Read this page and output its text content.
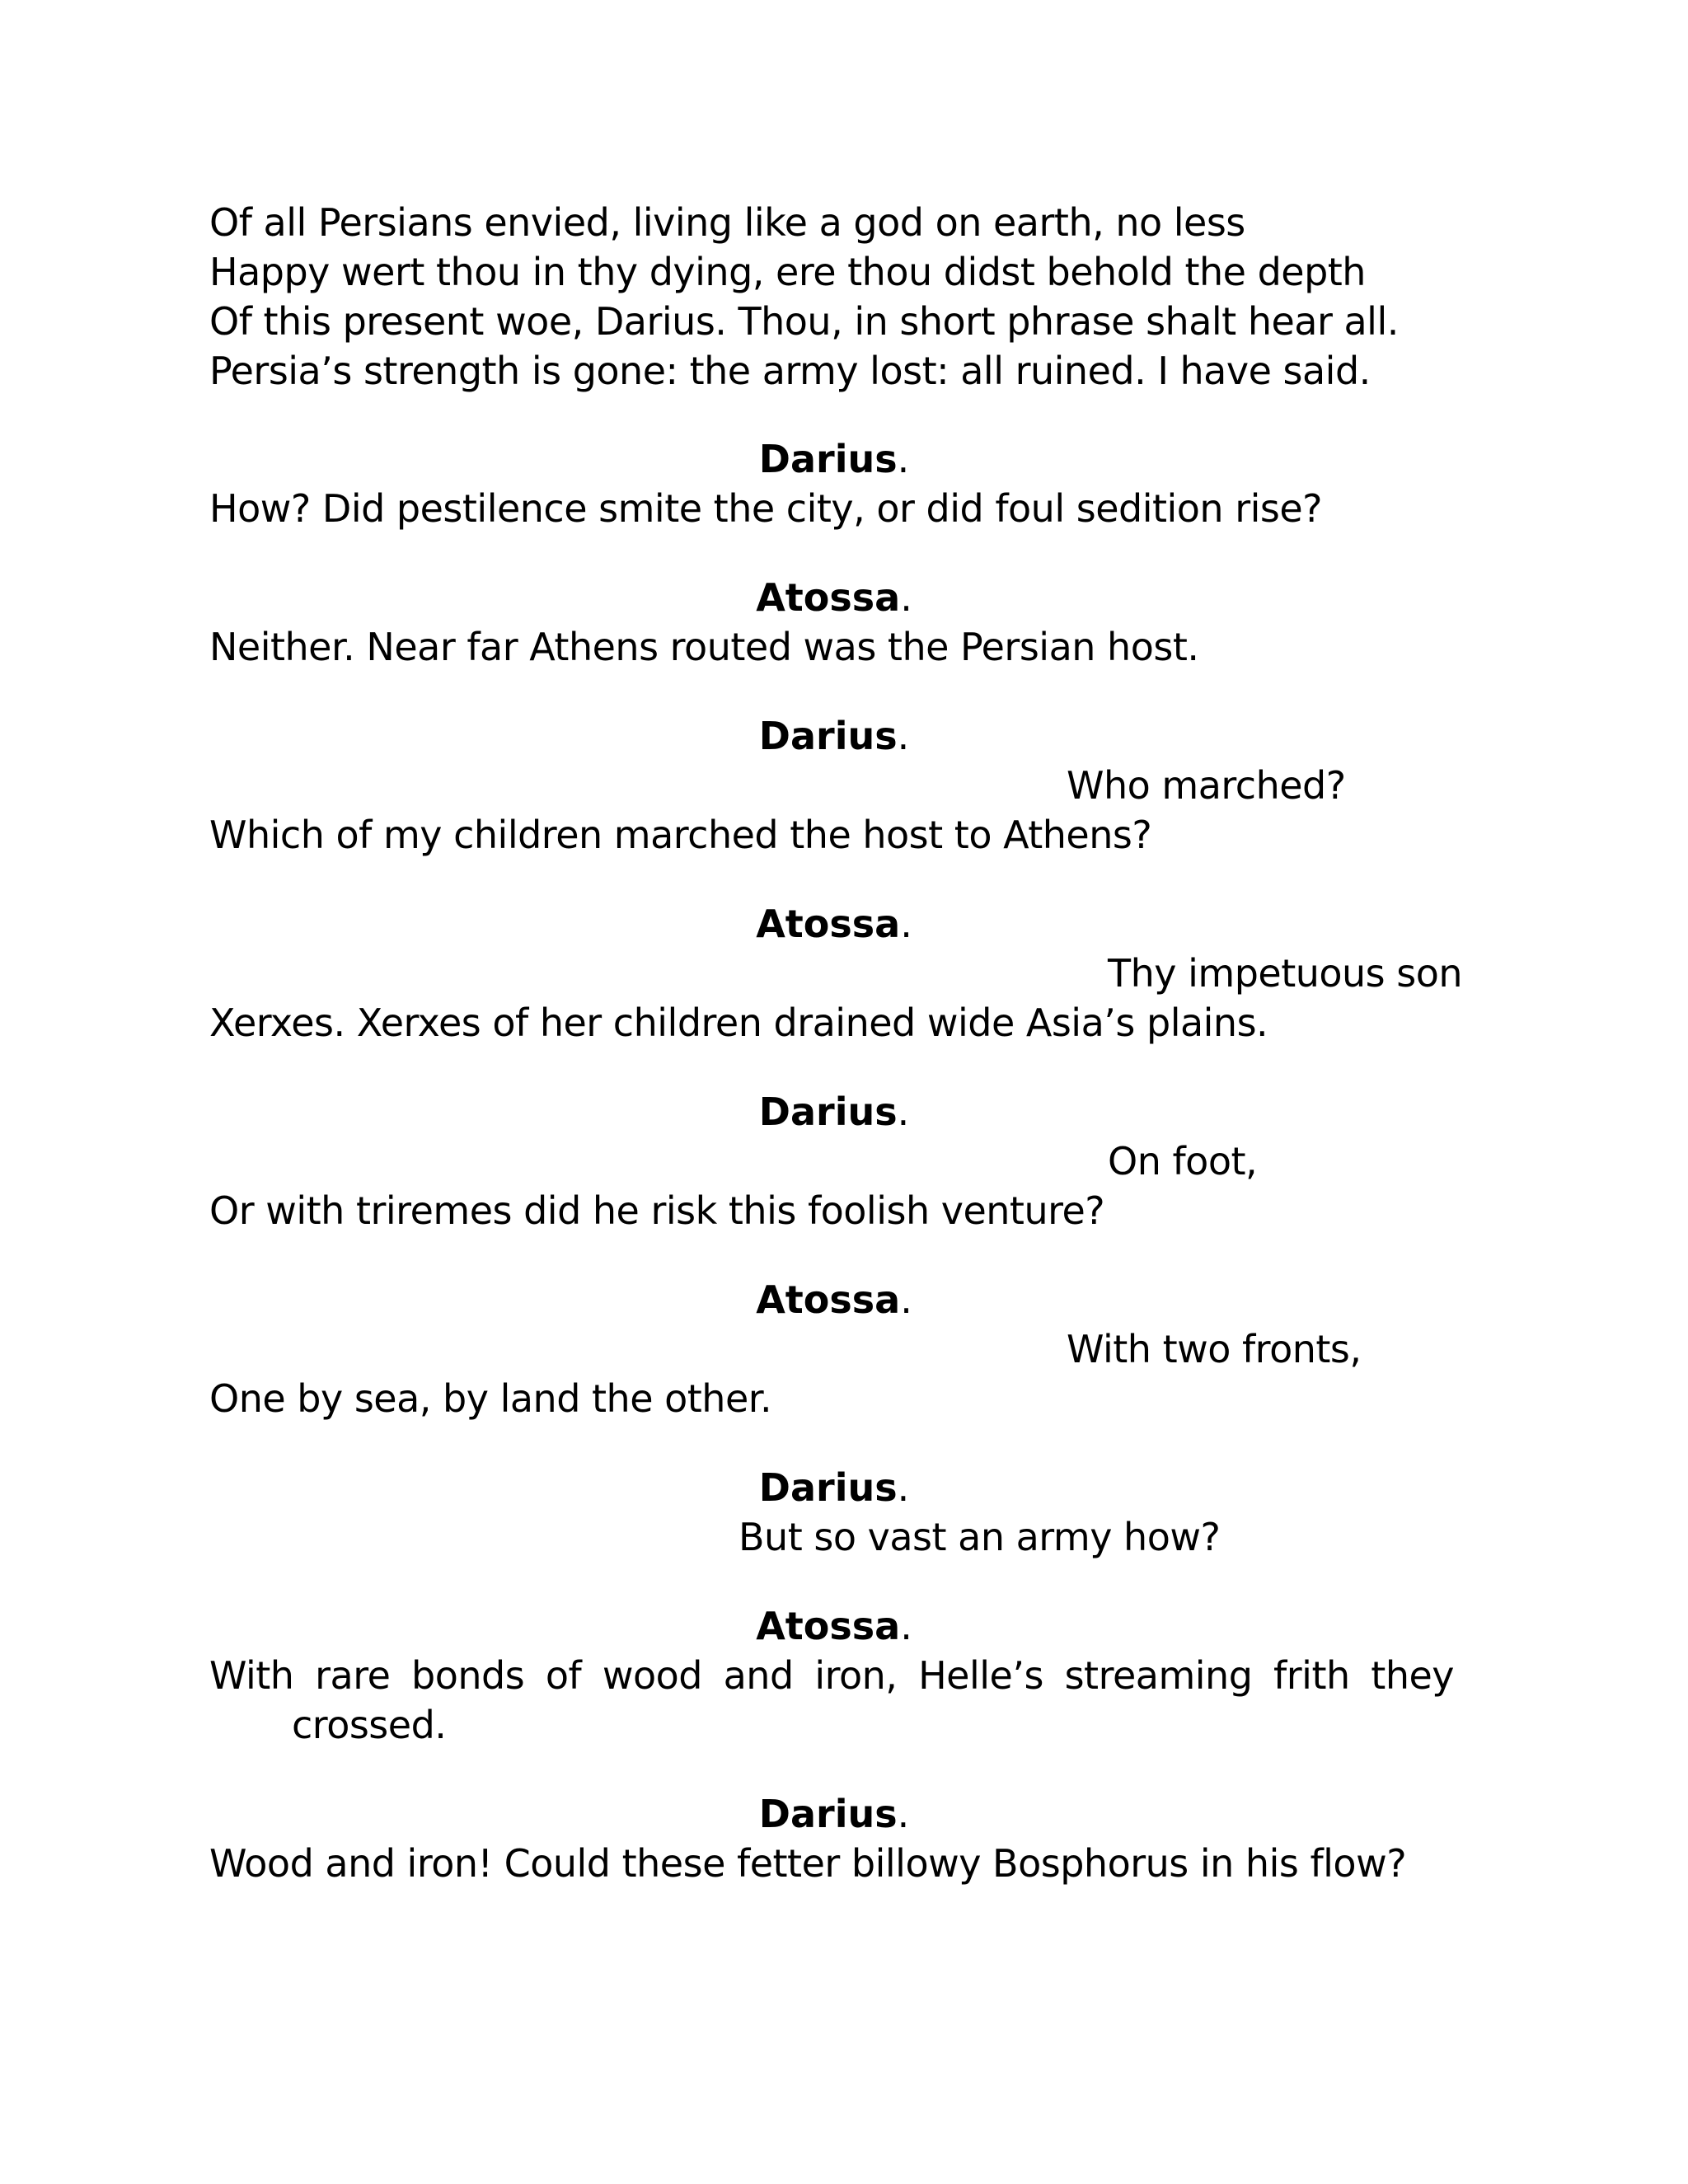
Of all Persians envied, living like a god on earth, no less
Happy wert thou in thy dying, ere thou didst behold the depth
Of this present woe, Darius. Thou, in short phrase shalt hear all.
Persia’s strength is gone: the army lost: all ruined. I have said.
Darius.
How? Did pestilence smite the city, or did foul sedition rise?
Atossa.
Neither. Near far Athens routed was the Persian host.
Darius.
Who marched?
Which of my children marched the host to Athens?
Atossa.
Thy impetuous son
Xerxes. Xerxes of her children drained wide Asia’s plains.
Darius.
On foot,
Or with triremes did he risk this foolish venture?
Atossa.
With two fronts,
One by sea, by land the other.
Darius.
But so vast an army how?
Atossa.
With rare bonds of wood and iron, Helle’s streaming frith they
crossed.
Darius.
Wood and iron! Could these fetter billowy Bosphorus in his flow?
